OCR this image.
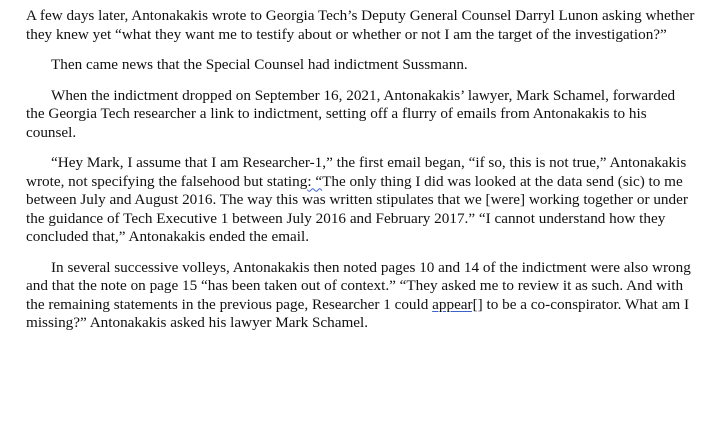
A few days later, Antonakakis wrote to Georgia Tech’s Deputy General Counsel Darryl Lunon asking whether they knew yet “what they want me to testify about or whether or not I am the target of the investigation?”

Then came news that the Special Counsel had indictment Sussmann.

When the indictment dropped on September 16, 2021, Antonakakis’ lawyer, Mark Schamel, forwarded the Georgia Tech researcher a link to indictment, setting off a flurry of emails from Antonakakis to his counsel.

“Hey Mark, I assume that I am Researcher-1,” the first email began, “if so, this is not true,” Antonakakis wrote, not specifying the falsehood but stating: “The only thing I did was looked at the data send (sic) to me between July and August 2016. The way this was written stipulates that we [were] working together or under the guidance of Tech Executive 1 between July 2016 and February 2017.” “I cannot understand how they concluded that,” Antonakakis ended the email.

In several successive volleys, Antonakakis then noted pages 10 and 14 of the indictment were also wrong and that the note on page 15 “has been taken out of context.” “They asked me to review it as such. And with the remaining statements in the previous page, Researcher 1 could appear[] to be a co-conspirator. What am I missing?” Antonakakis asked his lawyer Mark Schamel.
